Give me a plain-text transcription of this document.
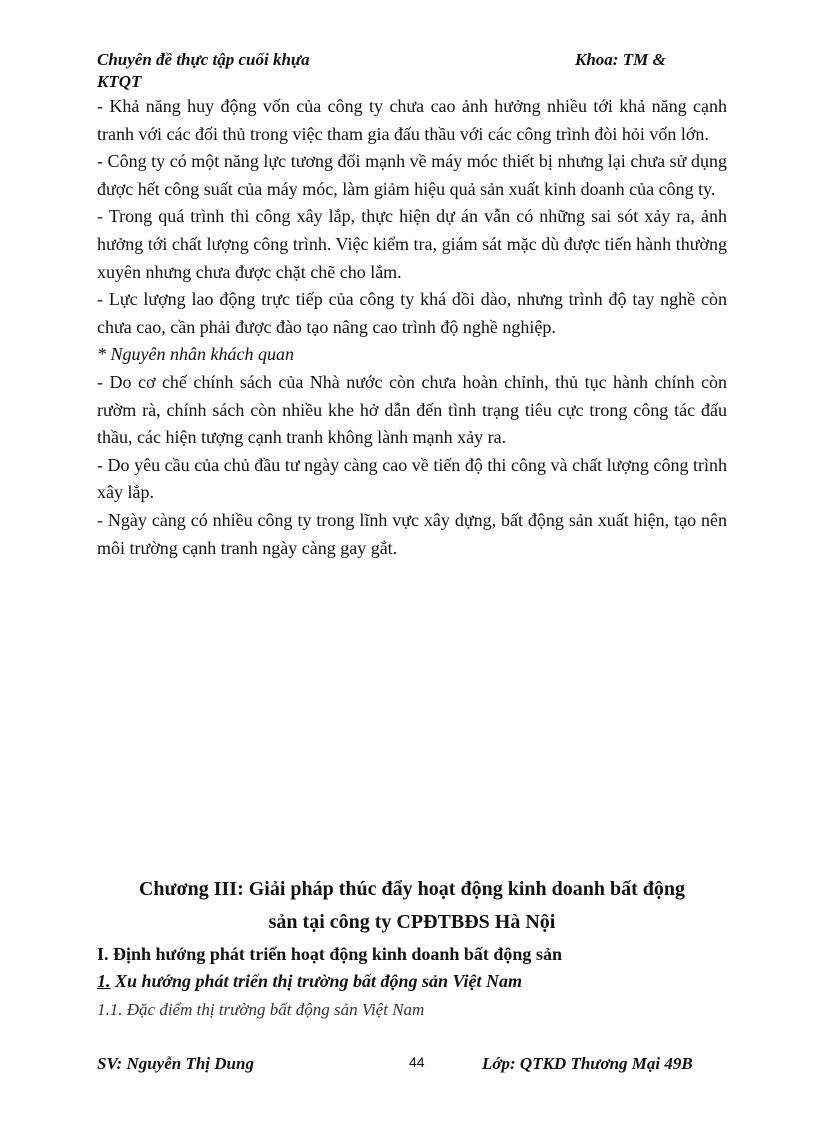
Chuyên đề thực tập cuối khựa	Khoa: TM &
KTQT

- Khả năng huy động vốn của công ty chưa cao ảnh hưởng nhiều tới khả năng cạnh tranh với các đối thủ trong việc tham gia đấu thầu với các công trình đòi hỏi vốn lớn.

- Công ty có một năng lực tương đối mạnh về máy móc thiết bị nhưng lại chưa sử dụng được hết công suất của máy móc, làm giảm hiệu quả sản xuất kinh doanh của công ty.

- Trong quá trình thi công xây lắp, thực hiện dự án vẫn có những sai sót xảy ra, ảnh hưởng tới chất lượng công trình. Việc kiểm tra, giám sát mặc dù được tiến hành thường xuyên nhưng chưa được chặt chẽ cho lắm.

- Lực lượng lao động trực tiếp của công ty khá dồi dào, nhưng trình độ tay nghề còn chưa cao, cần phải được đào tạo nâng cao trình độ nghề nghiệp.

* Nguyên nhân khách quan

- Do cơ chế chính sách của Nhà nước còn chưa hoàn chỉnh, thủ tục hành chính còn rườm rà, chính sách còn nhiều khe hở dẫn đến tình trạng tiêu cực trong công tác đấu thầu, các hiện tượng cạnh tranh không lành mạnh xảy ra.

- Do yêu cầu của chủ đầu tư ngày càng cao về tiến độ thi công và chất lượng công trình xây lắp.

- Ngày càng có nhiều công ty trong lĩnh vực xây dựng, bất động sản xuất hiện, tạo nên môi trường cạnh tranh ngày càng gay gắt.

Chương III: Giải pháp thúc đẩy hoạt động kinh doanh bất động
sản tại công ty CPĐTBĐS Hà Nội
I. Định hướng phát triển hoạt động kinh doanh bất động sản
1. Xu hướng phát triển thị trường bất động sản Việt Nam
1.1. Đặc điểm thị trường bất động sản Việt Nam
SV: Nguyễn Thị Dung	44	Lớp: QTKD Thương Mại 49B
